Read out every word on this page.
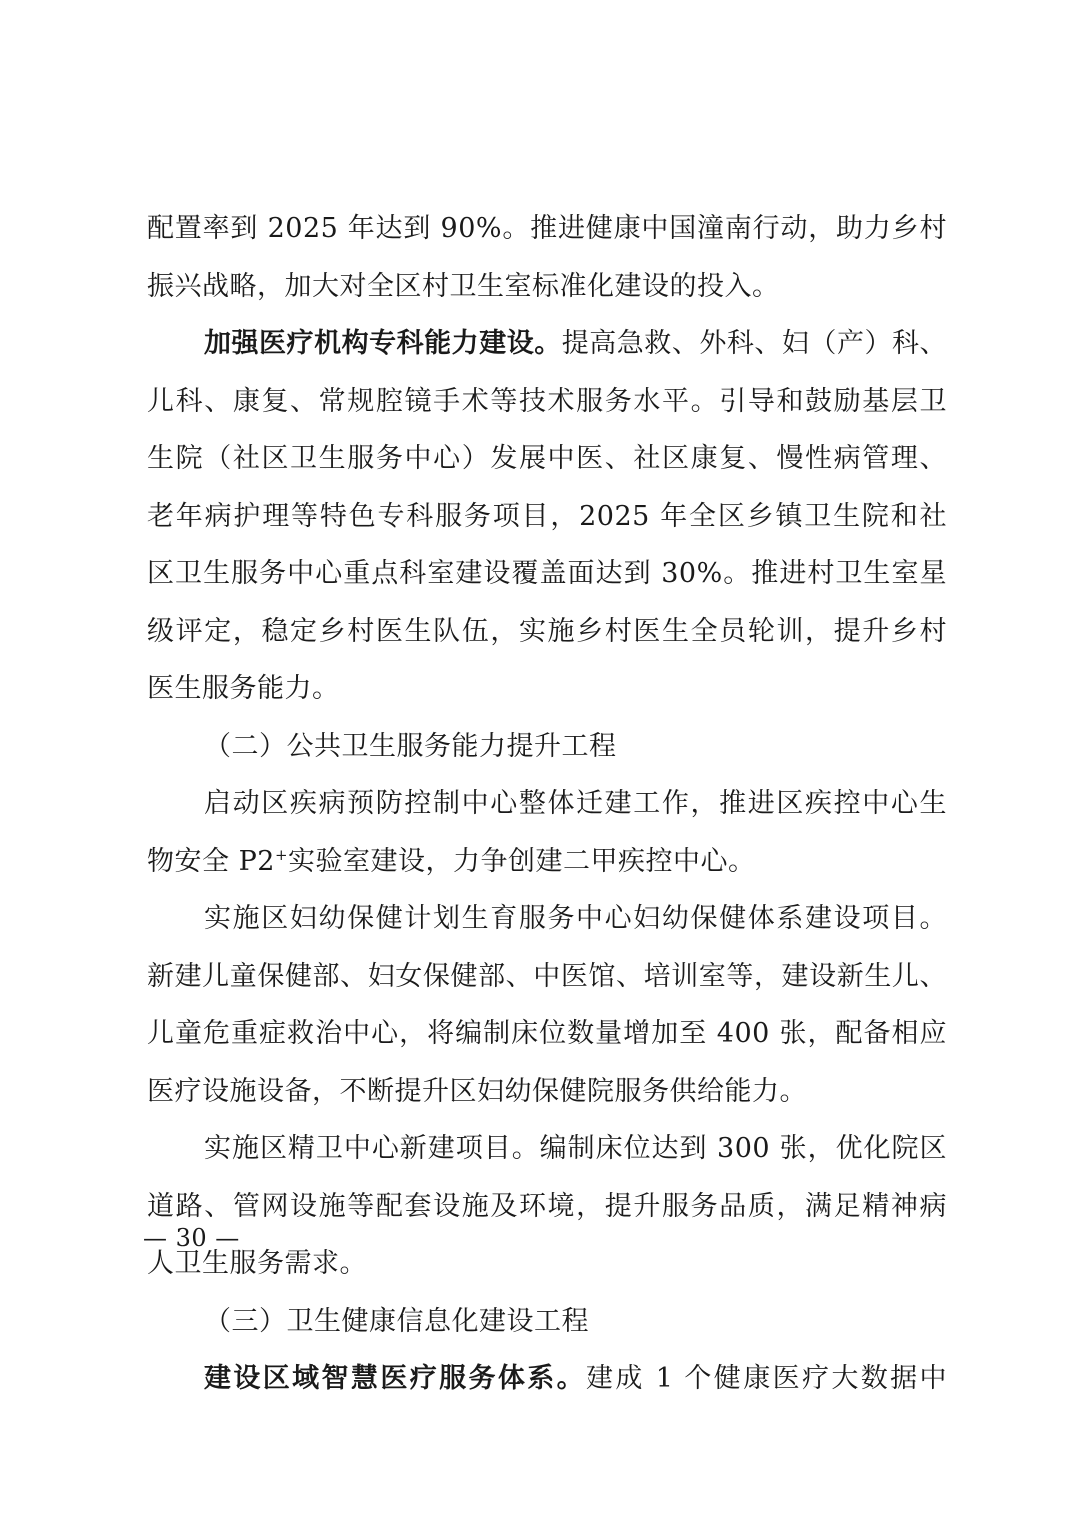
配置率到 2025 年达到 90%。推进健康中国潼南行动，助力乡村
振兴战略，加大对全区村卫生室标准化建设的投入。
加强医疗机构专科能力建设。提高急救、外科、妇（产）科、
儿科、康复、常规腔镜手术等技术服务水平。引导和鼓励基层卫
生院（社区卫生服务中心）发展中医、社区康复、慢性病管理、
老年病护理等特色专科服务项目，2025 年全区乡镇卫生院和社
区卫生服务中心重点科室建设覆盖面达到 30%。推进村卫生室星
级评定，稳定乡村医生队伍，实施乡村医生全员轮训，提升乡村
医生服务能力。
（二）公共卫生服务能力提升工程
启动区疾病预防控制中心整体迁建工作，推进区疾控中心生
物安全 P2+实验室建设，力争创建二甲疾控中心。
实施区妇幼保健计划生育服务中心妇幼保健体系建设项目。
新建儿童保健部、妇女保健部、中医馆、培训室等，建设新生儿、
儿童危重症救治中心，将编制床位数量增加至 400 张，配备相应
医疗设施设备，不断提升区妇幼保健院服务供给能力。
实施区精卫中心新建项目。编制床位达到 300 张，优化院区
道路、管网设施等配套设施及环境，提升服务品质，满足精神病
人卫生服务需求。
（三）卫生健康信息化建设工程
建设区域智慧医疗服务体系。建成 1 个健康医疗大数据中
— 30 —
